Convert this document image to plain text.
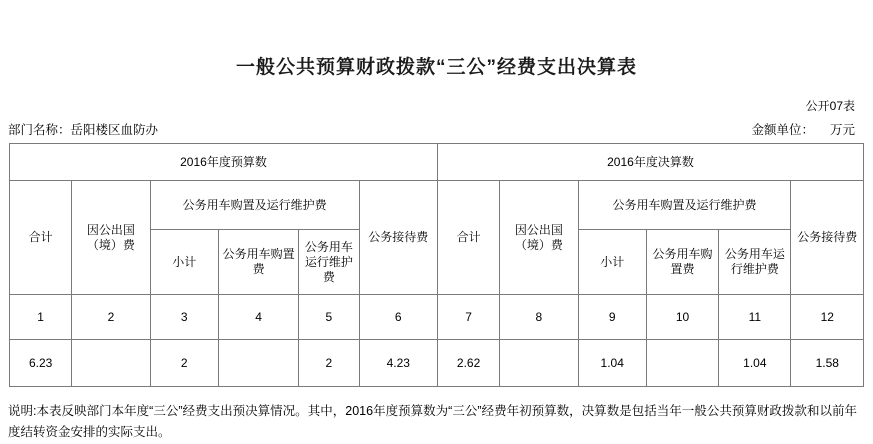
一般公共预算财政拨款“三公”经费支出决算表
公开07表
部门名称：岳阳楼区血防办	金额单位： 万元
2016年度预算数						2016年度决算数					
合计	因公出国（境）费	公务用车购置及运行维护费			公务接待费	合计	因公出国（境）费	公务用车购置及运行维护费			公务接待费
		小计	公务用车购置费	公务用车运行维护费				小计	公务用车购置费	公务用车运行维护费	
1	2	3	4	5	6	7	8	9	10	11	12
6.23		2		2	4.23	2.62		1.04		1.04	1.58
说明:本表反映部门本年度“三公”经费支出预决算情况。其中，2016年度预算数为“三公”经费年初预算数，决算数是包括当年一般公共预算财政拨款和以前年度结转资金安排的实际支出。
